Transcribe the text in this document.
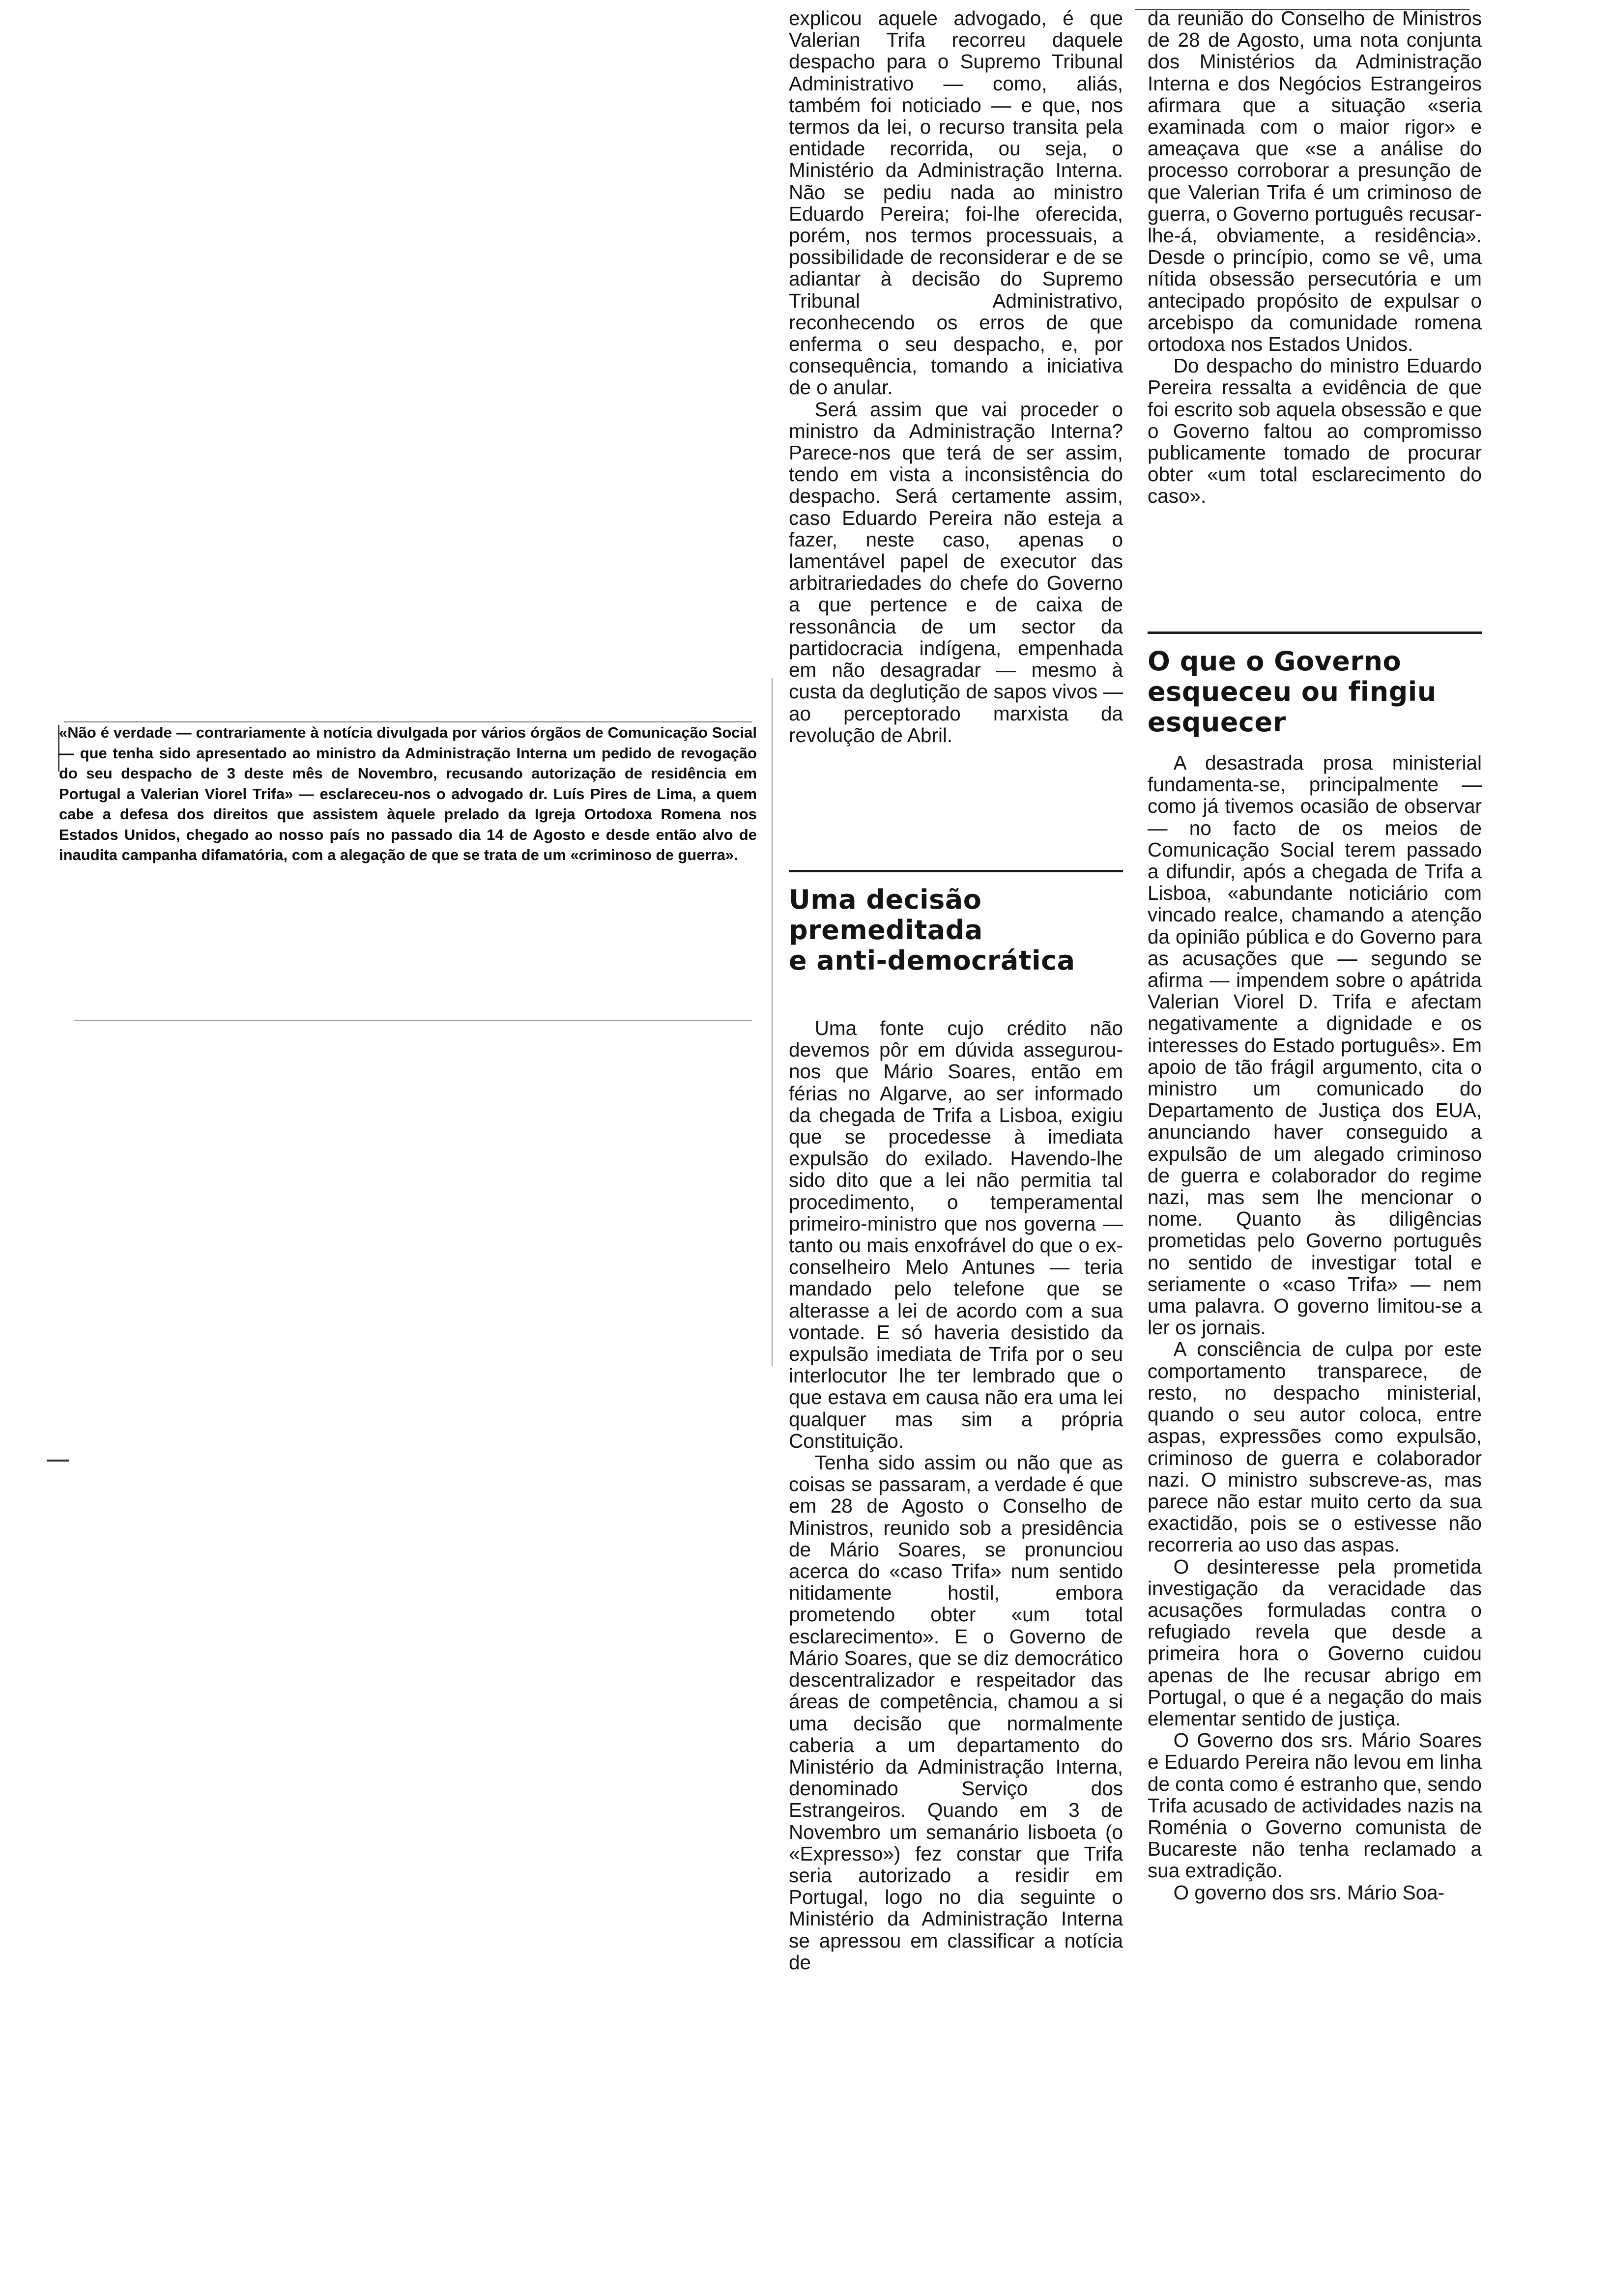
«Não é verdade — contrariamente à notícia divulgada por vários órgãos de Comunicação Social — que tenha sido apresentado ao ministro da Administração Interna um pedido de revogação do seu despacho de 3 deste mês de Novembro, recusando autorização de residência em Portugal a Valerian Viorel Trifa» — esclareceu-nos o advogado dr. Luís Pires de Lima, a quem cabe a defesa dos direitos que assistem àquele prelado da Igreja Ortodoxa Romena nos Estados Unidos, chegado ao nosso país no passado dia 14 de Agosto e desde então alvo de inaudita campanha difamatória, com a alegação de que se trata de um «criminoso de guerra».

explicou aquele advogado, é que Valerian Trifa recorreu daquele despacho para o Supremo Tribunal Administrativo — como, aliás, também foi noticiado — e que, nos termos da lei, o recurso transita pela entidade recorrida, ou seja, o Ministério da Administração Interna. Não se pediu nada ao ministro Eduardo Pereira; foi-lhe oferecida, porém, nos termos processuais, a possibilidade de reconsiderar e de se adiantar à decisão do Supremo Tribunal Administrativo, reconhecendo os erros de que enferma o seu despacho, e, por consequência, tomando a iniciativa de o anular.

Será assim que vai proceder o ministro da Administração Interna? Parece-nos que terá de ser assim, tendo em vista a inconsistência do despacho. Será certamente assim, caso Eduardo Pereira não esteja a fazer, neste caso, apenas o lamentável papel de executor das arbitrariedades do chefe do Governo a que pertence e de caixa de ressonância de um sector da partidocracia indígena, empenhada em não desagradar — mesmo à custa da deglutição de sapos vivos — ao perceptorado marxista da revolução de Abril.

Uma decisão

premeditada

e anti-democrática

Uma fonte cujo crédito não devemos pôr em dúvida assegurou-nos que Mário Soares, então em férias no Algarve, ao ser informado da chegada de Trifa a Lisboa, exigiu que se procedesse à imediata expulsão do exilado. Havendo-lhe sido dito que a lei não permitia tal procedimento, o temperamental primeiro-ministro que nos governa — tanto ou mais enxofrável do que o ex-conselheiro Melo Antunes — teria mandado pelo telefone que se alterasse a lei de acordo com a sua vontade. E só haveria desistido da expulsão imediata de Trifa por o seu interlocutor lhe ter lembrado que o que estava em causa não era uma lei qualquer mas sim a própria Constituição.

Tenha sido assim ou não que as coisas se passaram, a verdade é que em 28 de Agosto o Conselho de Ministros, reunido sob a presidência de Mário Soares, se pronunciou acerca do «caso Trifa» num sentido nitidamente hostil, embora prometendo obter «um total esclarecimento». E o Governo de Mário Soares, que se diz democrático descentralizador e respeitador das áreas de competência, chamou a si uma decisão que normalmente caberia a um departamento do Ministério da Administração Interna, denominado Serviço dos Estrangeiros. Quando em 3 de Novembro um semanário lisboeta (o «Expresso») fez constar que Trifa seria autorizado a residir em Portugal, logo no dia seguinte o Ministério da Administração Interna se apressou em classificar a notícia de

da reunião do Conselho de Ministros de 28 de Agosto, uma nota conjunta dos Ministérios da Administração Interna e dos Negócios Estrangeiros afirmara que a situação «seria examinada com o maior rigor» e ameaçava que «se a análise do processo corroborar a presunção de que Valerian Trifa é um criminoso de guerra, o Governo português recusar-lhe-á, obviamente, a residência». Desde o princípio, como se vê, uma nítida obsessão persecutória e um antecipado propósito de expulsar o arcebispo da comunidade romena ortodoxa nos Estados Unidos.

Do despacho do ministro Eduardo Pereira ressalta a evidência de que foi escrito sob aquela obsessão e que o Governo faltou ao compromisso publicamente tomado de procurar obter «um total esclarecimento do caso».

O que o Governo

esqueceu ou fingiu

esquecer

A desastrada prosa ministerial fundamenta-se, principalmente — como já tivemos ocasião de observar — no facto de os meios de Comunicação Social terem passado a difundir, após a chegada de Trifa a Lisboa, «abundante noticiário com vincado realce, chamando a atenção da opinião pública e do Governo para as acusações que — segundo se afirma — impendem sobre o apátrida Valerian Viorel D. Trifa e afectam negativamente a dignidade e os interesses do Estado português». Em apoio de tão frágil argumento, cita o ministro um comunicado do Departamento de Justiça dos EUA, anunciando haver conseguido a expulsão de um alegado criminoso de guerra e colaborador do regime nazi, mas sem lhe mencionar o nome. Quanto às diligências prometidas pelo Governo português no sentido de investigar total e seriamente o «caso Trifa» — nem uma palavra. O governo limitou-se a ler os jornais.

A consciência de culpa por este comportamento transparece, de resto, no despacho ministerial, quando o seu autor coloca, entre aspas, expressões como expulsão, criminoso de guerra e colaborador nazi. O ministro subscreve-as, mas parece não estar muito certo da sua exactidão, pois se o estivesse não recorreria ao uso das aspas.

O desinteresse pela prometida investigação da veracidade das acusações formuladas contra o refugiado revela que desde a primeira hora o Governo cuidou apenas de lhe recusar abrigo em Portugal, o que é a negação do mais elementar sentido de justiça.

O Governo dos srs. Mário Soares e Eduardo Pereira não levou em linha de conta como é estranho que, sendo Trifa acusado de actividades nazis na Roménia o Governo comunista de Bucareste não tenha reclamado a sua extradição.

O governo dos srs. Mário Soa-
